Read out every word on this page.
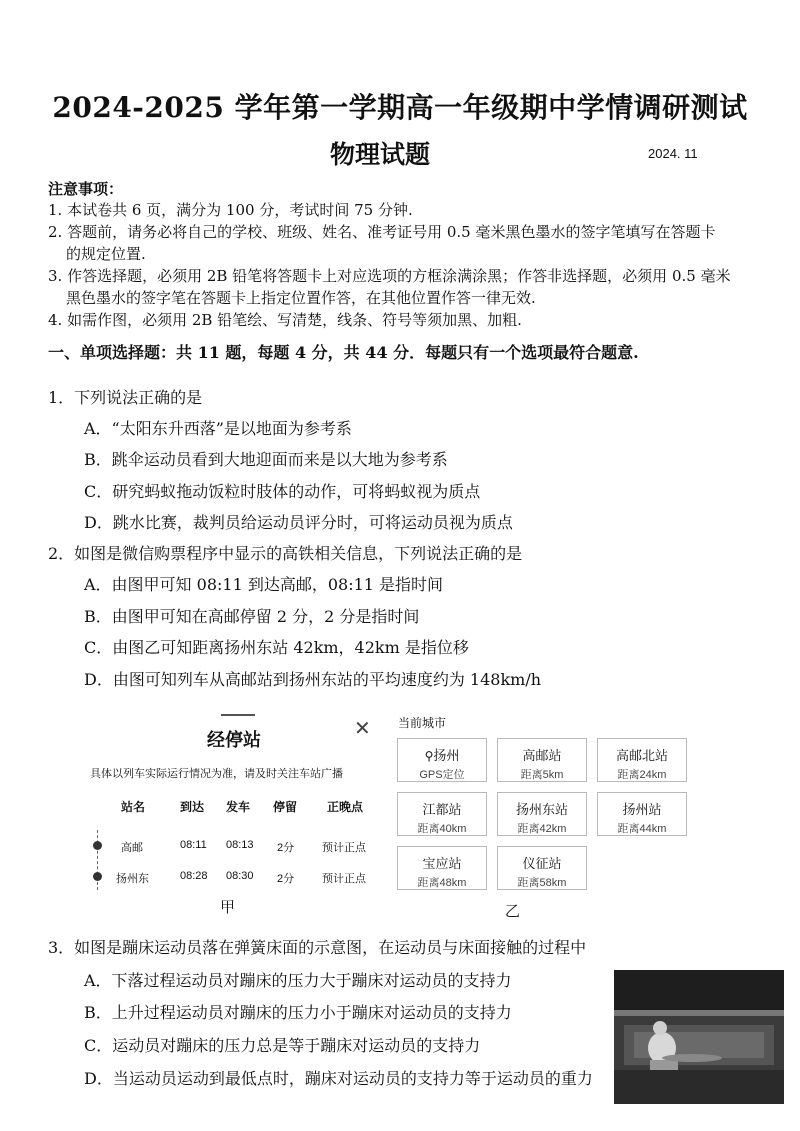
2024-2025 学年第一学期高一年级期中学情调研测试
物理试题	2024. 11
注意事项：
1. 本试卷共 6 页，满分为 100 分，考试时间 75 分钟.
2. 答题前，请务必将自己的学校、班级、姓名、准考证号用 0.5 毫米黑色墨水的签字笔填写在答题卡
的规定位置.
3. 作答选择题，必须用 2B 铅笔将答题卡上对应选项的方框涂满涂黑；作答非选择题，必须用 0.5 毫米
黑色墨水的签字笔在答题卡上指定位置作答，在其他位置作答一律无效.
4. 如需作图，必须用 2B 铅笔绘、写清楚，线条、符号等须加黑、加粗.
一、单项选择题：共 11 题，每题 4 分，共 44 分．每题只有一个选项最符合题意.
1．下列说法正确的是
A．“太阳东升西落”是以地面为参考系
B．跳伞运动员看到大地迎面而来是以大地为参考系
C．研究蚂蚁拖动饭粒时肢体的动作，可将蚂蚁视为质点
D．跳水比赛，裁判员给运动员评分时，可将运动员视为质点
2．如图是微信购票程序中显示的高铁相关信息，下列说法正确的是
A．由图甲可知 08:11 到达高邮，08:11 是指时间
B．由图甲可知在高邮停留 2 分，2 分是指时间
C．由图乙可知距离扬州东站 42km，42km 是指位移
D．由图可知列车从高邮站到扬州东站的平均速度约为 148km/h
经停站	✕
具体以列车实际运行情况为准，请及时关注车站广播
站名	到达 发车 停留 正晚点
高邮	08:11 08:13 2分	预计正点
扬州东	08:28 08:30 2分	预计正点
甲
当前城市
⚲扬州
GPS定位
高邮站
距离5km
高邮北站
距离24km
江都站
距离40km
扬州东站
距离42km
扬州站
距离44km
宝应站
距离48km
仪征站
距离58km
乙
3．如图是蹦床运动员落在弹簧床面的示意图，在运动员与床面接触的过程中
A．下落过程运动员对蹦床的压力大于蹦床对运动员的支持力
B．上升过程运动员对蹦床的压力小于蹦床对运动员的支持力
C．运动员对蹦床的压力总是等于蹦床对运动员的支持力
D．当运动员运动到最低点时，蹦床对运动员的支持力等于运动员的重力
